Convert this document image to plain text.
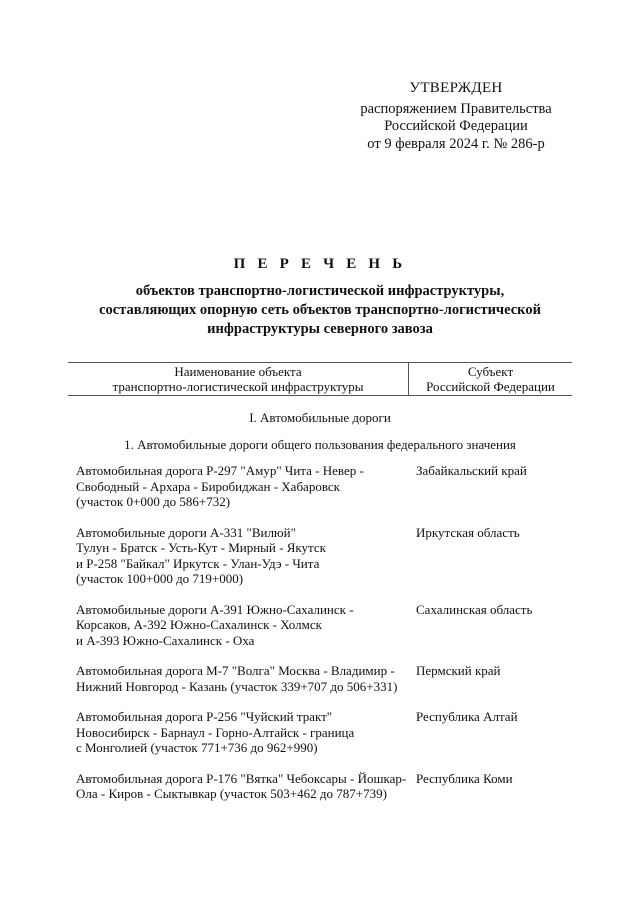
УТВЕРЖДЕН
распоряжением Правительства
Российской Федерации
от 9 февраля 2024 г. № 286-р
П Е Р Е Ч Е Н Ь
объектов транспортно-логистической инфраструктуры,
составляющих опорную сеть объектов транспортно-логистической
инфраструктуры северного завоза
Наименование объекта
транспортно-логистической инфраструктуры
Субъект
Российской Федерации
I. Автомобильные дороги
1. Автомобильные дороги общего пользования федерального значения
Автомобильная дорога Р-297 "Амур" Чита - Невер -
Свободный - Архара - Биробиджан - Хабаровск
(участок 0+000 до 586+732)
Забайкальский край
Автомобильные дороги А-331 "Вилюй"
Тулун - Братск - Усть-Кут - Мирный - Якутск
и Р-258 "Байкал" Иркутск - Улан-Удэ - Чита
(участок 100+000 до 719+000)
Иркутская область
Автомобильные дороги А-391 Южно-Сахалинск -
Корсаков, А-392 Южно-Сахалинск - Холмск
и А-393 Южно-Сахалинск - Оха
Сахалинская область
Автомобильная дорога М-7 "Волга" Москва - Владимир -
Нижний Новгород - Казань (участок 339+707 до 506+331)
Пермский край
Автомобильная дорога Р-256 "Чуйский тракт"
Новосибирск - Барнаул - Горно-Алтайск - граница
с Монголией (участок 771+736 до 962+990)
Республика Алтай
Автомобильная дорога Р-176 "Вятка" Чебоксары - Йошкар-
Ола - Киров - Сыктывкар (участок 503+462 до 787+739)
Республика Коми
